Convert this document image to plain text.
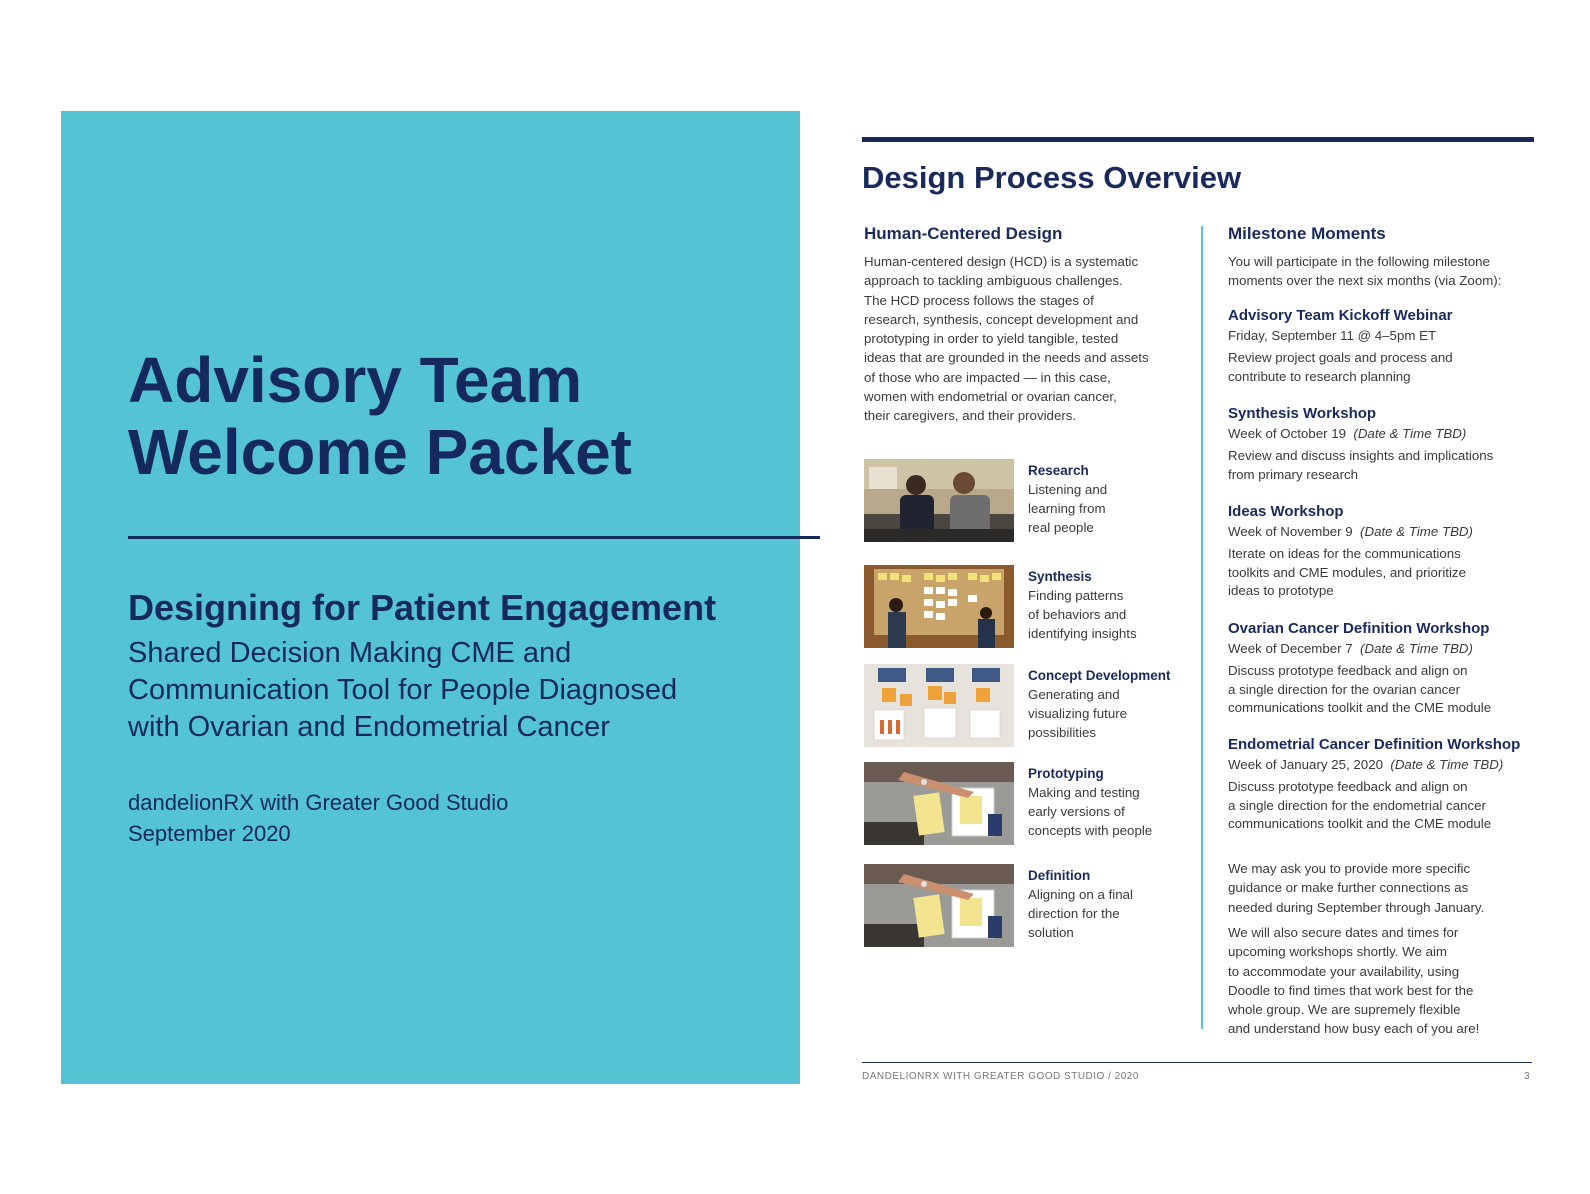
Advisory Team
Welcome Packet
Designing for Patient Engagement
Shared Decision Making CME and
Communication Tool for People Diagnosed
with Ovarian and Endometrial Cancer
dandelionRX with Greater Good Studio
September 2020
Design Process Overview
Human-Centered Design
Human-centered design (HCD) is a systematic
approach to tackling ambiguous challenges.
The HCD process follows the stages of
research, synthesis, concept development and
prototyping in order to yield tangible, tested
ideas that are grounded in the needs and assets
of those who are impacted — in this case,
women with endometrial or ovarian cancer,
their caregivers, and their providers.
Research
Listening and
learning from
real people
Synthesis
Finding patterns
of behaviors and
identifying insights
Concept Development
Generating and
visualizing future
possibilities
Prototyping
Making and testing
early versions of
concepts with people
Definition
Aligning on a final
direction for the
solution
Milestone Moments
You will participate in the following milestone
moments over the next six months (via Zoom):
Advisory Team Kickoff Webinar
Friday, September 11 @ 4–5pm ET
Review project goals and process and
contribute to research planning
Synthesis Workshop
Week of October 19 (Date & Time TBD)
Review and discuss insights and implications
from primary research
Ideas Workshop
Week of November 9 (Date & Time TBD)
Iterate on ideas for the communications
toolkits and CME modules, and prioritize
ideas to prototype
Ovarian Cancer Definition Workshop
Week of December 7 (Date & Time TBD)
Discuss prototype feedback and align on
a single direction for the ovarian cancer
communications toolkit and the CME module
Endometrial Cancer Definition Workshop
Week of January 25, 2020 (Date & Time TBD)
Discuss prototype feedback and align on
a single direction for the endometrial cancer
communications toolkit and the CME module
We may ask you to provide more specific
guidance or make further connections as
needed during September through January.
We will also secure dates and times for
upcoming workshops shortly. We aim
to accommodate your availability, using
Doodle to find times that work best for the
whole group. We are supremely flexible
and understand how busy each of you are!
DANDELIONRX WITH GREATER GOOD STUDIO / 2020	3
